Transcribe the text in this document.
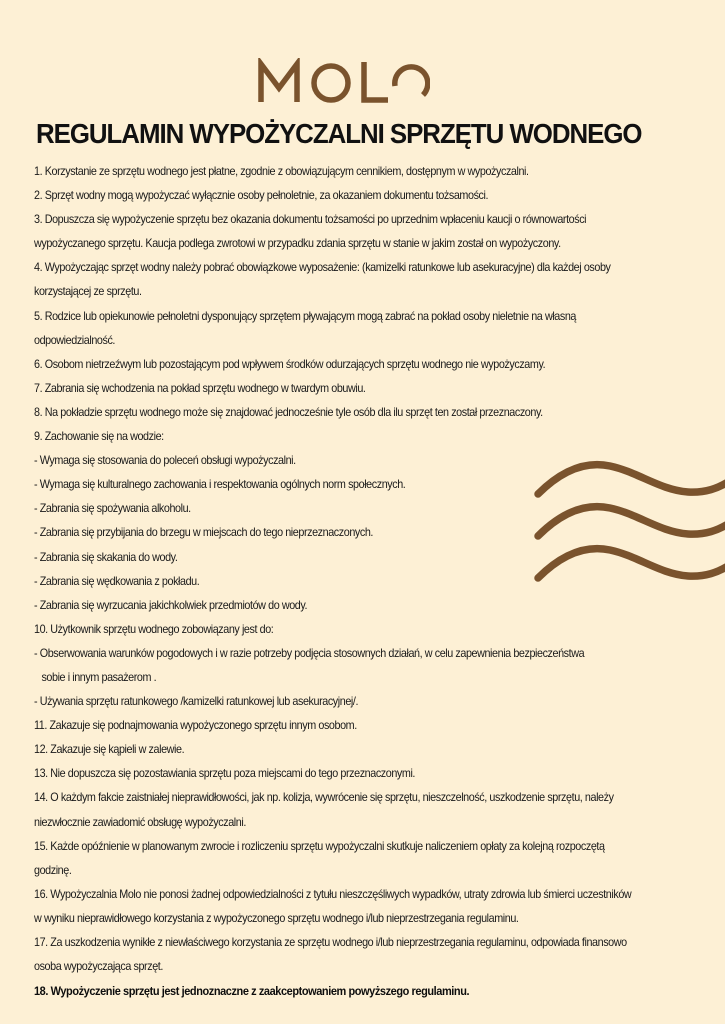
REGULAMIN WYPOŻYCZALNI SPRZĘTU WODNEGO
1. Korzystanie ze sprzętu wodnego jest płatne, zgodnie z obowiązującym cennikiem, dostępnym w wypożyczalni.
2. Sprzęt wodny mogą wypożyczać wyłącznie osoby pełnoletnie, za okazaniem dokumentu tożsamości.
3. Dopuszcza się wypożyczenie sprzętu bez okazania dokumentu tożsamości po uprzednim wpłaceniu kaucji o równowartości
wypożyczanego sprzętu. Kaucja podlega zwrotowi w przypadku zdania sprzętu w stanie w jakim został on wypożyczony.
4. Wypożyczając sprzęt wodny należy pobrać obowiązkowe wyposażenie: (kamizelki ratunkowe lub asekuracyjne) dla każdej osoby
korzystającej ze sprzętu.
5. Rodzice lub opiekunowie pełnoletni dysponujący sprzętem pływającym mogą zabrać na pokład osoby nieletnie na własną
odpowiedzialność.
6. Osobom nietrzeźwym lub pozostającym pod wpływem środków odurzających sprzętu wodnego nie wypożyczamy.
7. Zabrania się wchodzenia na pokład sprzętu wodnego w twardym obuwiu.
8. Na pokładzie sprzętu wodnego może się znajdować jednocześnie tyle osób dla ilu sprzęt ten został przeznaczony.
9. Zachowanie się na wodzie:
- Wymaga się stosowania do poleceń obsługi wypożyczalni.
- Wymaga się kulturalnego zachowania i respektowania ogólnych norm społecznych.
- Zabrania się spożywania alkoholu.
- Zabrania się przybijania do brzegu w miejscach do tego nieprzeznaczonych.
- Zabrania się skakania do wody.
- Zabrania się wędkowania z pokładu.
- Zabrania się wyrzucania jakichkolwiek przedmiotów do wody.
10. Użytkownik sprzętu wodnego zobowiązany jest do:
- Obserwowania warunków pogodowych i w razie potrzeby podjęcia stosownych działań, w celu zapewnienia bezpieczeństwa
sobie i innym pasażerom .
- Używania sprzętu ratunkowego /kamizelki ratunkowej lub asekuracyjnej/.
11. Zakazuje się podnajmowania wypożyczonego sprzętu innym osobom.
12. Zakazuje się kąpieli w zalewie.
13. Nie dopuszcza się pozostawiania sprzętu poza miejscami do tego przeznaczonymi.
14. O każdym fakcie zaistniałej nieprawidłowości, jak np. kolizja, wywrócenie się sprzętu, nieszczelność, uszkodzenie sprzętu, należy
niezwłocznie zawiadomić obsługę wypożyczalni.
15. Każde opóźnienie w planowanym zwrocie i rozliczeniu sprzętu wypożyczalni skutkuje naliczeniem opłaty za kolejną rozpoczętą
godzinę.
16. Wypożyczalnia Molo nie ponosi żadnej odpowiedzialności z tytułu nieszczęśliwych wypadków, utraty zdrowia lub śmierci uczestników
w wyniku nieprawidłowego korzystania z wypożyczonego sprzętu wodnego i/lub nieprzestrzegania regulaminu.
17. Za uszkodzenia wynikłe z niewłaściwego korzystania ze sprzętu wodnego i/lub nieprzestrzegania regulaminu, odpowiada finansowo
osoba wypożyczająca sprzęt.
18. Wypożyczenie sprzętu jest jednoznaczne z zaakceptowaniem powyższego regulaminu.
